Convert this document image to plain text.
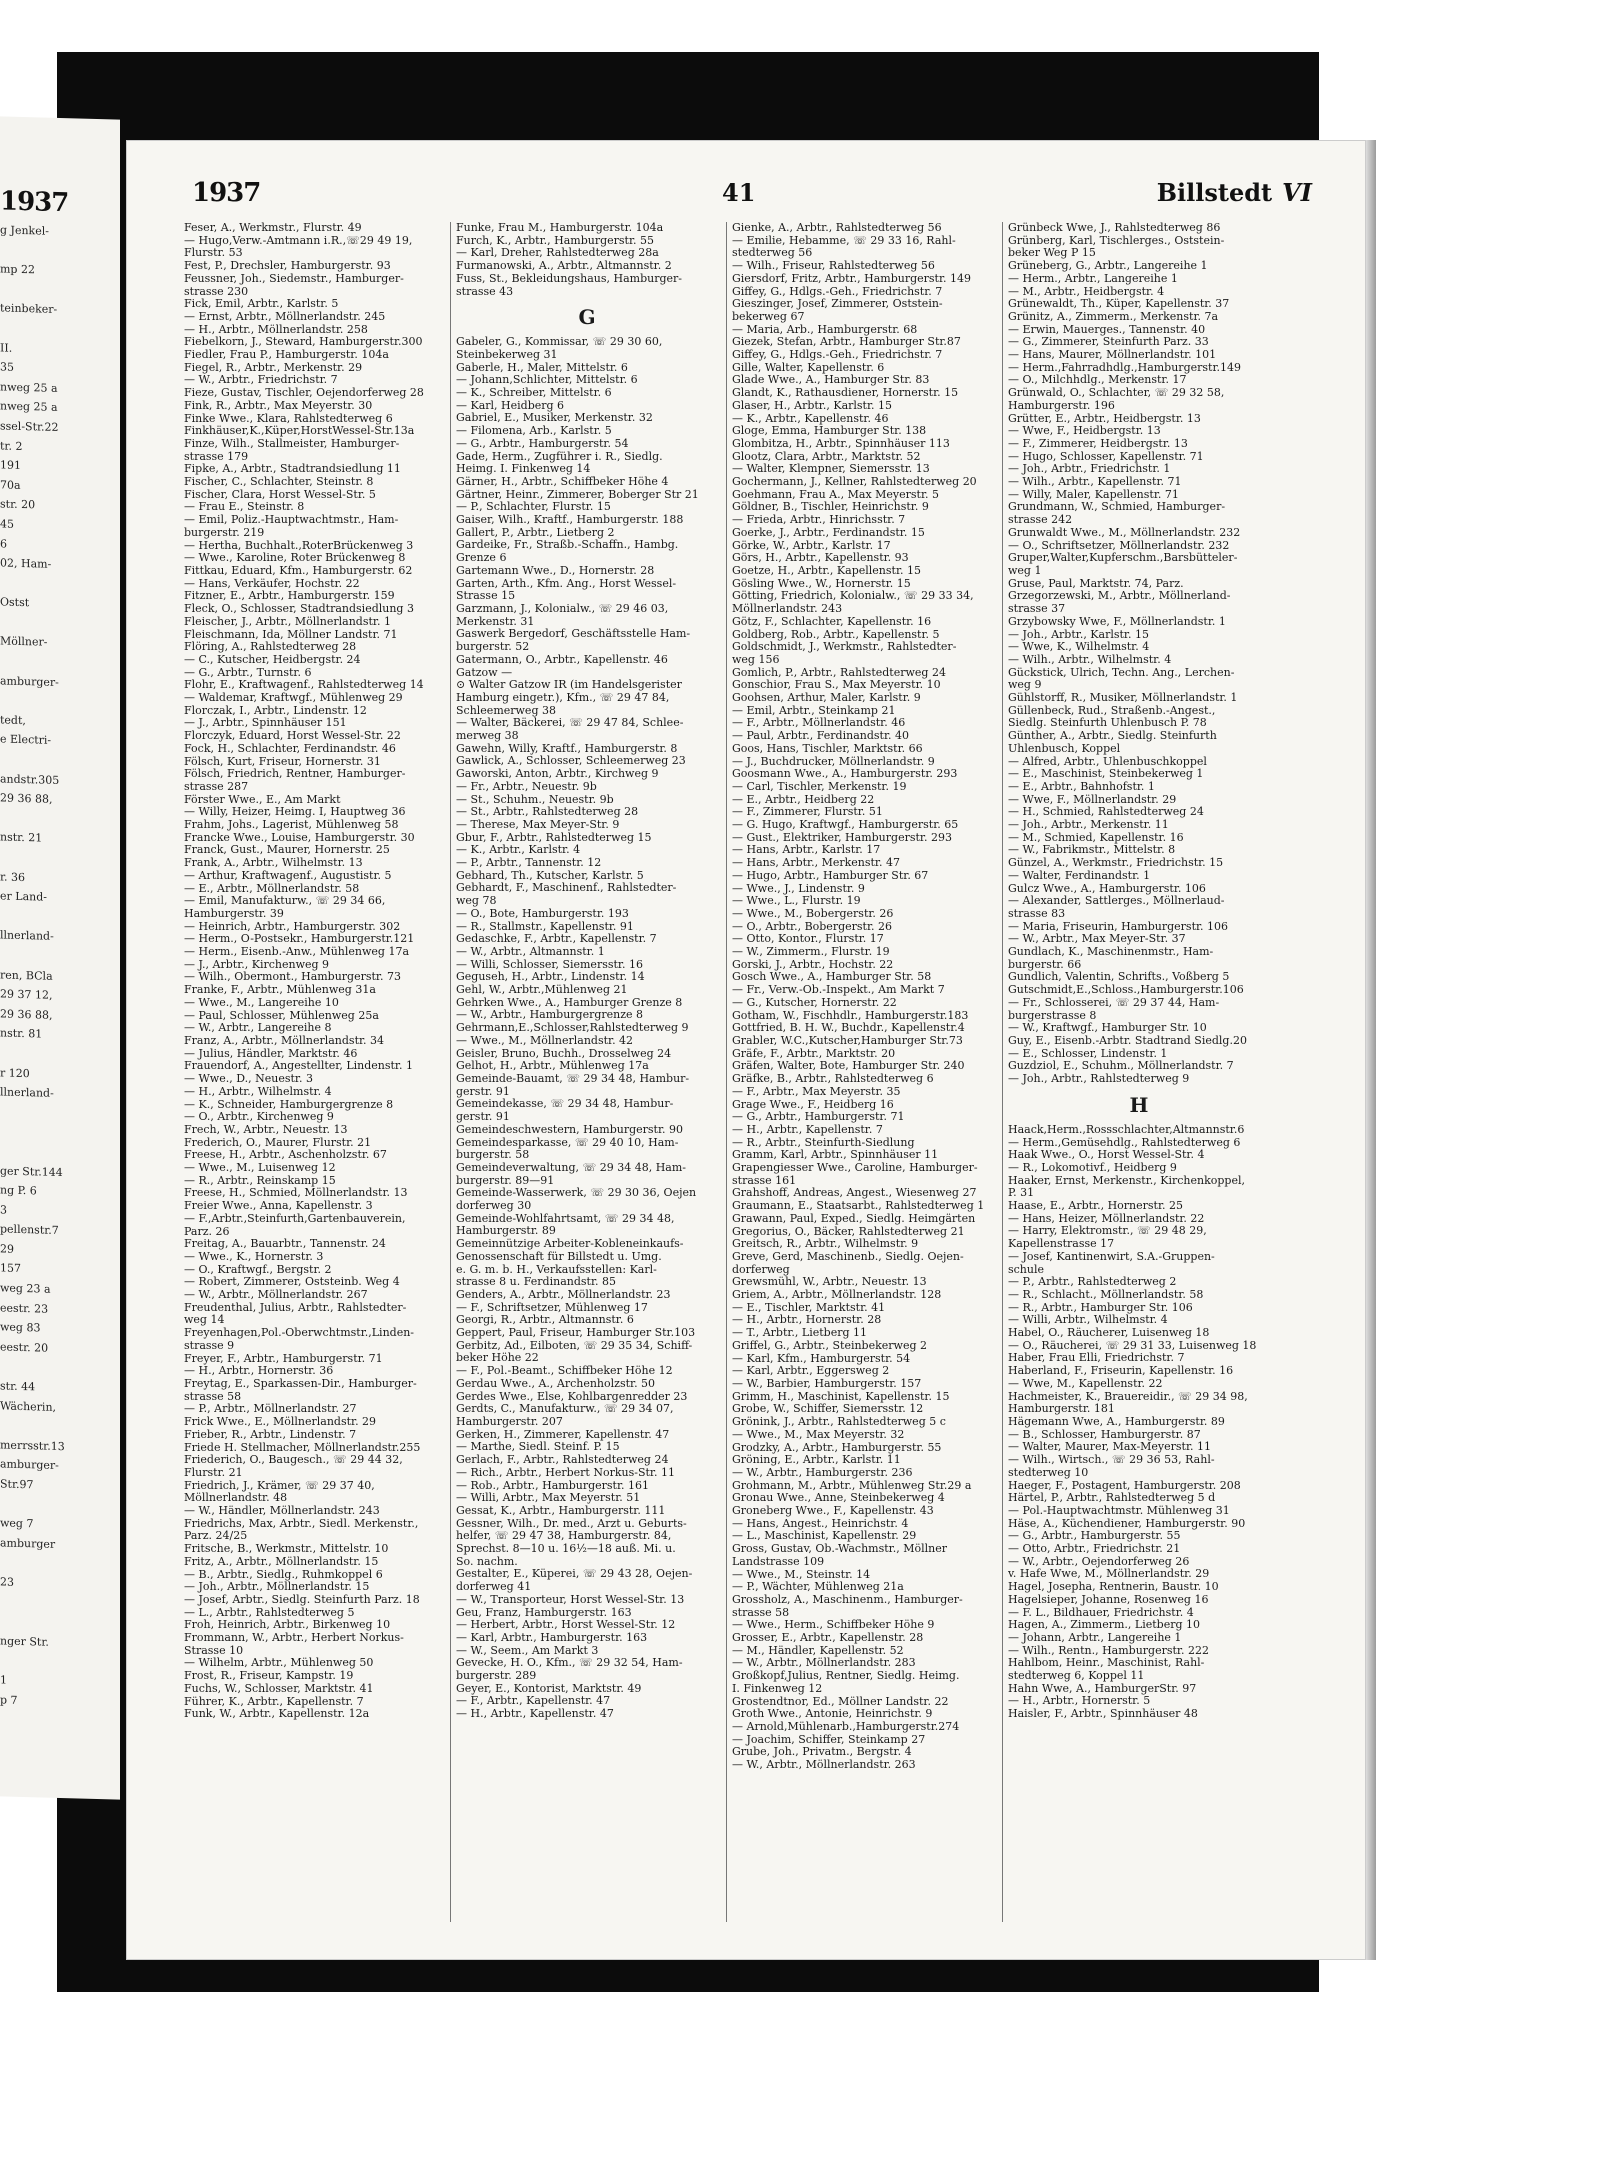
1937
g Jenkel-

mp 22

teinbeker-

II.
35
nweg 25 a
nweg 25 a
ssel-Str.22
tr. 2
191
70a
str. 20
45
6
02, Ham-

Ostst

Möllner-

amburger-

tedt,
e Electri-

andstr.305
29 36 88,

nstr. 21

r. 36
er Land-

llnerland-

ren, BCla
29 37 12,
29 36 88,
nstr. 81

r 120
llnerland-

ger Str.144
ng P. 6
3
pellenstr.7
29
157
weg 23 a
eestr. 23
weg 83
eestr. 20

str. 44
Wächerin,

merrsstr.13
amburger-
Str.97

weg 7
amburger

23

nger Str.

1
p 7
1937	41	Billstedt VI
Feser, A., Werkmstr., Flurstr. 49
— Hugo,Verw.-Amtmann i.R.,☏29 49 19,
Flurstr. 53
Fest, P., Drechsler, Hamburgerstr. 93
Feussner, Joh., Siedemstr., Hamburger-
strasse 230
Fick, Emil, Arbtr., Karlstr. 5
— Ernst, Arbtr., Möllnerlandstr. 245
— H., Arbtr., Möllnerlandstr. 258
Fiebelkorn, J., Steward, Hamburgerstr.300
Fiedler, Frau P., Hamburgerstr. 104a
Fiegel, R., Arbtr., Merkenstr. 29
— W., Arbtr., Friedrichstr. 7
Fieze, Gustav, Tischler, Oejendorferweg 28
Fink, R., Arbtr., Max Meyerstr. 30
Finke Wwe., Klara, Rahlstedterweg 6
Finkhäuser,K.,Küper,HorstWessel-Str.13a
Finze, Wilh., Stallmeister, Hamburger-
strasse 179
Fipke, A., Arbtr., Stadtrandsiedlung 11
Fischer, C., Schlachter, Steinstr. 8
Fischer, Clara, Horst Wessel-Str. 5
— Frau E., Steinstr. 8
— Emil, Poliz.-Hauptwachtmstr., Ham-
burgerstr. 219
— Hertha, Buchhalt.,RoterBrückenweg 3
— Wwe., Karoline, Roter Brückenweg 8
Fittkau, Eduard, Kfm., Hamburgerstr. 62
— Hans, Verkäufer, Hochstr. 22
Fitzner, E., Arbtr., Hamburgerstr. 159
Fleck, O., Schlosser, Stadtrandsiedlung 3
Fleischer, J., Arbtr., Möllnerlandstr. 1
Fleischmann, Ida, Möllner Landstr. 71
Flöring, A., Rahlstedterweg 28
— C., Kutscher, Heidbergstr. 24
— G., Arbtr., Turnstr. 6
Flohr, E., Kraftwagenf., Rahlstedterweg 14
— Waldemar, Kraftwgf., Mühlenweg 29
Florczak, I., Arbtr., Lindenstr. 12
— J., Arbtr., Spinnhäuser 151
Florczyk, Eduard, Horst Wessel-Str. 22
Fock, H., Schlachter, Ferdinandstr. 46
Fölsch, Kurt, Friseur, Hornerstr. 31
Fölsch, Friedrich, Rentner, Hamburger-
strasse 287
Förster Wwe., E., Am Markt
— Willy, Heizer, Heimg. I, Hauptweg 36
Frahm, Johs., Lagerist, Mühlenweg 58
Francke Wwe., Louise, Hamburgerstr. 30
Franck, Gust., Maurer, Hornerstr. 25
Frank, A., Arbtr., Wilhelmstr. 13
— Arthur, Kraftwagenf., Augustistr. 5
— E., Arbtr., Möllnerlandstr. 58
— Emil, Manufakturw., ☏ 29 34 66,
Hamburgerstr. 39
— Heinrich, Arbtr., Hamburgerstr. 302
— Herm., O-Postsekr., Hamburgerstr.121
— Herm., Eisenb.-Anw., Mühlenweg 17a
— J., Arbtr., Kirchenweg 9
— Wilh., Obermont., Hamburgerstr. 73
Franke, F., Arbtr., Mühlenweg 31a
— Wwe., M., Langereihe 10
— Paul, Schlosser, Mühlenweg 25a
— W., Arbtr., Langereihe 8
Franz, A., Arbtr., Möllnerlandstr. 34
— Julius, Händler, Marktstr. 46
Frauendorf, A., Angestellter, Lindenstr. 1
— Wwe., D., Neuestr. 3
— H., Arbtr., Wilhelmstr. 4
— K., Schneider, Hamburgergrenze 8
— O., Arbtr., Kirchenweg 9
Frech, W., Arbtr., Neuestr. 13
Frederich, O., Maurer, Flurstr. 21
Freese, H., Arbtr., Aschenholzstr. 67
— Wwe., M., Luisenweg 12
— R., Arbtr., Reinskamp 15
Freese, H., Schmied, Möllnerlandstr. 13
Freier Wwe., Anna, Kapellenstr. 3
— F.,Arbtr.,Steinfurth,Gartenbauverein,
Parz. 26
Freitag, A., Bauarbtr., Tannenstr. 24
— Wwe., K., Hornerstr. 3
— O., Kraftwgf., Bergstr. 2
— Robert, Zimmerer, Oststeinb. Weg 4
— W., Arbtr., Möllnerlandstr. 267
Freudenthal, Julius, Arbtr., Rahlstedter-
weg 14
Freyenhagen,Pol.-Oberwchtmstr.,Linden-
strasse 9
Freyer, F., Arbtr., Hamburgerstr. 71
— H., Arbtr., Hornerstr. 36
Freytag, E., Sparkassen-Dir., Hamburger-
strasse 58
— P., Arbtr., Möllnerlandstr. 27
Frick Wwe., E., Möllnerlandstr. 29
Frieber, R., Arbtr., Lindenstr. 7
Friede H. Stellmacher, Möllnerlandstr.255
Friederich, O., Baugesch., ☏ 29 44 32,
Flurstr. 21
Friedrich, J., Krämer, ☏ 29 37 40,
Möllnerlandstr. 48
— W., Händler, Möllnerlandstr. 243
Friedrichs, Max, Arbtr., Siedl. Merkenstr.,
Parz. 24/25
Fritsche, B., Werkmstr., Mittelstr. 10
Fritz, A., Arbtr., Möllnerlandstr. 15
— B., Arbtr., Siedlg., Ruhmkoppel 6
— Joh., Arbtr., Möllnerlandstr. 15
— Josef, Arbtr., Siedlg. Steinfurth Parz. 18
— L., Arbtr., Rahlstedterweg 5
Froh, Heinrich, Arbtr., Birkenweg 10
Frommann, W., Arbtr., Herbert Norkus-
Strasse 10
— Wilhelm, Arbtr., Mühlenweg 50
Frost, R., Friseur, Kampstr. 19
Fuchs, W., Schlosser, Marktstr. 41
Führer, K., Arbtr., Kapellenstr. 7
Funk, W., Arbtr., Kapellenstr. 12a
Funke, Frau M., Hamburgerstr. 104a
Furch, K., Arbtr., Hamburgerstr. 55
— Karl, Dreher, Rahlstedterweg 28a
Furmanowski, A., Arbtr., Altmannstr. 2
Fuss, St., Bekleidungshaus, Hamburger-
strasse 43
G
Gabeler, G., Kommissar, ☏ 29 30 60,
Steinbekerweg 31
Gaberle, H., Maler, Mittelstr. 6
— Johann,Schlichter, Mittelstr. 6
— K., Schreiber, Mittelstr. 6
— Karl, Heidberg 6
Gabriel, E., Musiker, Merkenstr. 32
— Filomena, Arb., Karlstr. 5
— G., Arbtr., Hamburgerstr. 54
Gade, Herm., Zugführer i. R., Siedlg.
Heimg. I. Finkenweg 14
Gärner, H., Arbtr., Schiffbeker Höhe 4
Gärtner, Heinr., Zimmerer, Boberger Str 21
— P., Schlachter, Flurstr. 15
Gaiser, Wilh., Kraftf., Hamburgerstr. 188
Gallert, P., Arbtr., Lietberg 2
Gardeike, Fr., Straßb.-Schaffn., Hambg.
Grenze 6
Gartemann Wwe., D., Hornerstr. 28
Garten, Arth., Kfm. Ang., Horst Wessel-
Strasse 15
Garzmann, J., Kolonialw., ☏ 29 46 03,
Merkenstr. 31
Gaswerk Bergedorf, Geschäftsstelle Ham-
burgerstr. 52
Gatermann, O., Arbtr., Kapellenstr. 46
Gatzow —
⊙ Walter Gatzow IR (im Handelsgerister
Hamburg eingetr.), Kfm., ☏ 29 47 84,
Schleemerweg 38
— Walter, Bäckerei, ☏ 29 47 84, Schlee-
merweg 38
Gawehn, Willy, Kraftf., Hamburgerstr. 8
Gawlick, A., Schlosser, Schleemerweg 23
Gaworski, Anton, Arbtr., Kirchweg 9
— Fr., Arbtr., Neuestr. 9b
— St., Schuhm., Neuestr. 9b
— St., Arbtr., Rahlstedterweg 28
— Therese, Max Meyer-Str. 9
Gbur, F., Arbtr., Rahlstedterweg 15
— K., Arbtr., Karlstr. 4
— P., Arbtr., Tannenstr. 12
Gebhard, Th., Kutscher, Karlstr. 5
Gebhardt, F., Maschinenf., Rahlstedter-
weg 78
— O., Bote, Hamburgerstr. 193
— R., Stallmstr., Kapellenstr. 91
Gedaschke, F., Arbtr., Kapellenstr. 7
— W., Arbtr., Altmannstr. 1
— Willi, Schlosser, Siemersstr. 16
Geguseh, H., Arbtr., Lindenstr. 14
Gehl, W., Arbtr.,Mühlenweg 21
Gehrken Wwe., A., Hamburger Grenze 8
— W., Arbtr., Hamburgergrenze 8
Gehrmann,E.,Schlosser,Rahlstedterweg 9
— Wwe., M., Möllnerlandstr. 42
Geisler, Bruno, Buchh., Drosselweg 24
Gelhot, H., Arbtr., Mühlenweg 17a
Gemeinde-Bauamt, ☏ 29 34 48, Hambur-
gerstr. 91
Gemeindekasse, ☏ 29 34 48, Hambur-
gerstr. 91
Gemeindeschwestern, Hamburgerstr. 90
Gemeindesparkasse, ☏ 29 40 10, Ham-
burgerstr. 58
Gemeindeverwaltung, ☏ 29 34 48, Ham-
burgerstr. 89—91
Gemeinde-Wasserwerk, ☏ 29 30 36, Oejen
dorferweg 30
Gemeinde-Wohlfahrtsamt, ☏ 29 34 48,
Hamburgerstr. 89
Gemeinnützige Arbeiter-Kobleneinkaufs-
Genossenschaft für Billstedt u. Umg.
e. G. m. b. H., Verkaufsstellen: Karl-
strasse 8 u. Ferdinandstr. 85
Genders, A., Arbtr., Möllnerlandstr. 23
— F., Schriftsetzer, Mühlenweg 17
Georgi, R., Arbtr., Altmannstr. 6
Geppert, Paul, Friseur, Hamburger Str.103
Gerbitz, Ad., Eilboten, ☏ 29 35 34, Schiff-
beker Höhe 22
— F., Pol.-Beamt., Schiffbeker Höhe 12
Gerdau Wwe., A., Archenholzstr. 50
Gerdes Wwe., Else, Kohlbargenredder 23
Gerdts, C., Manufakturw., ☏ 29 34 07,
Hamburgerstr. 207
Gerken, H., Zimmerer, Kapellenstr. 47
— Marthe, Siedl. Steinf. P. 15
Gerlach, F., Arbtr., Rahlstedterweg 24
— Rich., Arbtr., Herbert Norkus-Str. 11
— Rob., Arbtr., Hamburgerstr. 161
— Willi, Arbtr., Max Meyerstr. 51
Gessat, K., Arbtr., Hamburgerstr. 111
Gessner, Wilh., Dr. med., Arzt u. Geburts-
helfer, ☏ 29 47 38, Hamburgerstr. 84,
Sprechst. 8—10 u. 16½—18 auß. Mi. u.
So. nachm.
Gestalter, E., Küperei, ☏ 29 43 28, Oejen-
dorferweg 41
— W., Transporteur, Horst Wessel-Str. 13
Geu, Franz, Hamburgerstr. 163
— Herbert, Arbtr., Horst Wessel-Str. 12
— Karl, Arbtr., Hamburgerstr. 163
— W., Seem., Am Markt 3
Gevecke, H. O., Kfm., ☏ 29 32 54, Ham-
burgerstr. 289
Geyer, E., Kontorist, Marktstr. 49
— F., Arbtr., Kapellenstr. 47
— H., Arbtr., Kapellenstr. 47
Gienke, A., Arbtr., Rahlstedterweg 56
— Emilie, Hebamme, ☏ 29 33 16, Rahl-
stedterweg 56
— Wilh., Friseur, Rahlstedterweg 56
Giersdorf, Fritz, Arbtr., Hamburgerstr. 149
Giffey, G., Hdlgs.-Geh., Friedrichstr. 7
Gieszinger, Josef, Zimmerer, Oststein-
bekerweg 67
— Maria, Arb., Hamburgerstr. 68
Giezek, Stefan, Arbtr., Hamburger Str.87
Giffey, G., Hdlgs.-Geh., Friedrichstr. 7
Gille, Walter, Kapellenstr. 6
Glade Wwe., A., Hamburger Str. 83
Glandt, K., Rathausdiener, Hornerstr. 15
Glaser, H., Arbtr., Karlstr. 15
— K., Arbtr., Kapellenstr. 46
Gloge, Emma, Hamburger Str. 138
Glombitza, H., Arbtr., Spinnhäuser 113
Glootz, Clara, Arbtr., Marktstr. 52
— Walter, Klempner, Siemersstr. 13
Gochermann, J., Kellner, Rahlstedterweg 20
Goehmann, Frau A., Max Meyerstr. 5
Göldner, B., Tischler, Heinrichstr. 9
— Frieda, Arbtr., Hinrichsstr. 7
Goerke, J., Arbtr., Ferdinandstr. 15
Görke, W., Arbtr., Karlstr. 17
Görs, H., Arbtr., Kapellenstr. 93
Goetze, H., Arbtr., Kapellenstr. 15
Gösling Wwe., W., Hornerstr. 15
Götting, Friedrich, Kolonialw., ☏ 29 33 34,
Möllnerlandstr. 243
Götz, F., Schlachter, Kapellenstr. 16
Goldberg, Rob., Arbtr., Kapellenstr. 5
Goldschmidt, J., Werkmstr., Rahlstedter-
weg 156
Gomlich, P., Arbtr., Rahlstedterweg 24
Gonschior, Frau S., Max Meyerstr. 10
Goohsen, Arthur, Maler, Karlstr. 9
— Emil, Arbtr., Steinkamp 21
— F., Arbtr., Möllnerlandstr. 46
— Paul, Arbtr., Ferdinandstr. 40
Goos, Hans, Tischler, Marktstr. 66
— J., Buchdrucker, Möllnerlandstr. 9
Goosmann Wwe., A., Hamburgerstr. 293
— Carl, Tischler, Merkenstr. 19
— E., Arbtr., Heidberg 22
— F., Zimmerer, Flurstr. 51
— G. Hugo, Kraftwgf., Hamburgerstr. 65
— Gust., Elektriker, Hamburgerstr. 293
— Hans, Arbtr., Karlstr. 17
— Hans, Arbtr., Merkenstr. 47
— Hugo, Arbtr., Hamburger Str. 67
— Wwe., J., Lindenstr. 9
— Wwe., L., Flurstr. 19
— Wwe., M., Bobergerstr. 26
— O., Arbtr., Bobergerstr. 26
— Otto, Kontor., Flurstr. 17
— W., Zimmerm., Flurstr. 19
Gorski, J., Arbtr., Hochstr. 22
Gosch Wwe., A., Hamburger Str. 58
— Fr., Verw.-Ob.-Inspekt., Am Markt 7
— G., Kutscher, Hornerstr. 22
Gotham, W., Fischhdlr., Hamburgerstr.183
Gottfried, B. H. W., Buchdr., Kapellenstr.4
Grabler, W.C.,Kutscher,Hamburger Str.73
Gräfe, F., Arbtr., Marktstr. 20
Gräfen, Walter, Bote, Hamburger Str. 240
Gräfke, B., Arbtr., Rahlstedterweg 6
— F., Arbtr., Max Meyerstr. 35
Grage Wwe., F., Heidberg 16
— G., Arbtr., Hamburgerstr. 71
— H., Arbtr., Kapellenstr. 7
— R., Arbtr., Steinfurth-Siedlung
Gramm, Karl, Arbtr., Spinnhäuser 11
Grapengiesser Wwe., Caroline, Hamburger-
strasse 161
Grahshoff, Andreas, Angest., Wiesenweg 27
Graumann, E., Staatsarbt., Rahlstedterweg 1
Grawann, Paul, Exped., Siedlg. Heimgärten
Gregorius, O., Bäcker, Rahlstedterweg 21
Greitsch, R., Arbtr., Wilhelmstr. 9
Greve, Gerd, Maschinenb., Siedlg. Oejen-
dorferweg
Grewsmühl, W., Arbtr., Neuestr. 13
Griem, A., Arbtr., Möllnerlandstr. 128
— E., Tischler, Marktstr. 41
— H., Arbtr., Hornerstr. 28
— T., Arbtr., Lietberg 11
Griffel, G., Arbtr., Steinbekerweg 2
— Karl, Kfm., Hamburgerstr. 54
— Karl, Arbtr., Eggersweg 2
— W., Barbier, Hamburgerstr. 157
Grimm, H., Maschinist, Kapellenstr. 15
Grobe, W., Schiffer, Siemersstr. 12
Grönink, J., Arbtr., Rahlstedterweg 5 c
— Wwe., M., Max Meyerstr. 32
Grodzky, A., Arbtr., Hamburgerstr. 55
Gröning, E., Arbtr., Karlstr. 11
— W., Arbtr., Hamburgerstr. 236
Grohmann, M., Arbtr., Mühlenweg Str.29 a
Gronau Wwe., Anne, Steinbekerweg 4
Groneberg Wwe., F., Kapellenstr. 43
— Hans, Angest., Heinrichstr. 4
— L., Maschinist, Kapellenstr. 29
Gross, Gustav, Ob.-Wachmstr., Möllner
Landstrasse 109
— Wwe., M., Steinstr. 14
— P., Wächter, Mühlenweg 21a
Grossholz, A., Maschinenm., Hamburger-
strasse 58
— Wwe., Herm., Schiffbeker Höhe 9
Grosser, E., Arbtr., Kapellenstr. 28
— M., Händler, Kapellenstr. 52
— W., Arbtr., Möllnerlandstr. 283
Großkopf,Julius, Rentner, Siedlg. Heimg.
I. Finkenweg 12
Grostendtnor, Ed., Möllner Landstr. 22
Groth Wwe., Antonie, Heinrichstr. 9
— Arnold,Mühlenarb.,Hamburgerstr.274
— Joachim, Schiffer, Steinkamp 27
Grube, Joh., Privatm., Bergstr. 4
— W., Arbtr., Möllnerlandstr. 263
Grünbeck Wwe, J., Rahlstedterweg 86
Grünberg, Karl, Tischlerges., Oststein-
beker Weg P 15
Grüneberg, G., Arbtr., Langereihe 1
— Herm., Arbtr., Langereihe 1
— M., Arbtr., Heidbergstr. 4
Grünewaldt, Th., Küper, Kapellenstr. 37
Grünitz, A., Zimmerm., Merkenstr. 7a
— Erwin, Mauerges., Tannenstr. 40
— G., Zimmerer, Steinfurth Parz. 33
— Hans, Maurer, Möllnerlandstr. 101
— Herm.,Fahrradhdlg.,Hamburgerstr.149
— O., Milchhdlg., Merkenstr. 17
Grünwald, O., Schlachter, ☏ 29 32 58,
Hamburgerstr. 196
Grütter, E., Arbtr., Heidbergstr. 13
— Wwe, F., Heidbergstr. 13
— F., Zimmerer, Heidbergstr. 13
— Hugo, Schlosser, Kapellenstr. 71
— Joh., Arbtr., Friedrichstr. 1
— Wilh., Arbtr., Kapellenstr. 71
— Willy, Maler, Kapellenstr. 71
Grundmann, W., Schmied, Hamburger-
strasse 242
Grunwaldt Wwe., M., Möllnerlandstr. 232
— O., Schriftsetzer, Möllnerlandstr. 232
Gruper,Walter,Kupferschm.,Barsbütteler-
weg 1
Gruse, Paul, Marktstr. 74, Parz.
Grzegorzewski, M., Arbtr., Möllnerland-
strasse 37
Grzybowsky Wwe, F., Möllnerlandstr. 1
— Joh., Arbtr., Karlstr. 15
— Wwe, K., Wilhelmstr. 4
— Wilh., Arbtr., Wilhelmstr. 4
Gückstick, Ulrich, Techn. Ang., Lerchen-
weg 9
Gühlstorff, R., Musiker, Möllnerlandstr. 1
Güllenbeck, Rud., Straßenb.-Angest.,
Siedlg. Steinfurth Uhlenbusch P. 78
Günther, A., Arbtr., Siedlg. Steinfurth
Uhlenbusch, Koppel
— Alfred, Arbtr., Uhlenbuschkoppel
— E., Maschinist, Steinbekerweg 1
— E., Arbtr., Bahnhofstr. 1
— Wwe, F., Möllnerlandstr. 29
— H., Schmied, Rahlstedterweg 24
— Joh., Arbtr., Merkenstr. 11
— M., Schmied, Kapellenstr. 16
— W., Fabrikmstr., Mittelstr. 8
Günzel, A., Werkmstr., Friedrichstr. 15
— Walter, Ferdinandstr. 1
Gulcz Wwe., A., Hamburgerstr. 106
— Alexander, Sattlerges., Möllnerlaud-
strasse 83
— Maria, Friseurin, Hamburgerstr. 106
— W., Arbtr., Max Meyer-Str. 37
Gundlach, K., Maschinenmstr., Ham-
burgerstr. 66
Gundlich, Valentin, Schrifts., Voßberg 5
Gutschmidt,E.,Schloss.,Hamburgerstr.106
— Fr., Schlosserei, ☏ 29 37 44, Ham-
burgerstrasse 8
— W., Kraftwgf., Hamburger Str. 10
Guy, E., Eisenb.-Arbtr. Stadtrand Siedlg.20
— E., Schlosser, Lindenstr. 1
Guzdziol, E., Schuhm., Möllnerlandstr. 7
— Joh., Arbtr., Rahlstedterweg 9
H
Haack,Herm.,Rossschlachter,Altmannstr.6
— Herm.,Gemüsehdlg., Rahlstedterweg 6
Haak Wwe., O., Horst Wessel-Str. 4
— R., Lokomotivf., Heidberg 9
Haaker, Ernst, Merkenstr., Kirchenkoppel,
P. 31
Haase, E., Arbtr., Hornerstr. 25
— Hans, Heizer, Möllnerlandstr. 22
— Harry, Elektromstr., ☏ 29 48 29,
Kapellenstrasse 17
— Josef, Kantinenwirt, S.A.-Gruppen-
schule
— P., Arbtr., Rahlstedterweg 2
— R., Schlacht., Möllnerlandstr. 58
— R., Arbtr., Hamburger Str. 106
— Willi, Arbtr., Wilhelmstr. 4
Habel, O., Räucherer, Luisenweg 18
— O., Räucherei, ☏ 29 31 33, Luisenweg 18
Haber, Frau Elli, Friedrichstr. 7
Haberland, F., Friseurin, Kapellenstr. 16
— Wwe, M., Kapellenstr. 22
Hachmeister, K., Brauereidir., ☏ 29 34 98,
Hamburgerstr. 181
Hägemann Wwe, A., Hamburgerstr. 89
— B., Schlosser, Hamburgerstr. 87
— Walter, Maurer, Max-Meyerstr. 11
— Wilh., Wirtsch., ☏ 29 36 53, Rahl-
stedterweg 10
Haeger, F., Postagent, Hamburgerstr. 208
Härtel, P., Arbtr., Rahlstedterweg 5 d
— Pol.-Hauptwachtmstr. Mühlenweg 31
Häse, A., Küchendiener, Hamburgerstr. 90
— G., Arbtr., Hamburgerstr. 55
— Otto, Arbtr., Friedrichstr. 21
— W., Arbtr., Oejendorferweg 26
v. Hafe Wwe, M., Möllnerlandstr. 29
Hagel, Josepha, Rentnerin, Baustr. 10
Hagelsieper, Johanne, Rosenweg 16
— F. L., Bildhauer, Friedrichstr. 4
Hagen, A., Zimmerm., Lietberg 10
— Johann, Arbtr., Langereihe 1
— Wilh., Rentn., Hamburgerstr. 222
Hahlbom, Heinr., Maschinist, Rahl-
stedterweg 6, Koppel 11
Hahn Wwe, A., HamburgerStr. 97
— H., Arbtr., Hornerstr. 5
Haisler, F., Arbtr., Spinnhäuser 48
